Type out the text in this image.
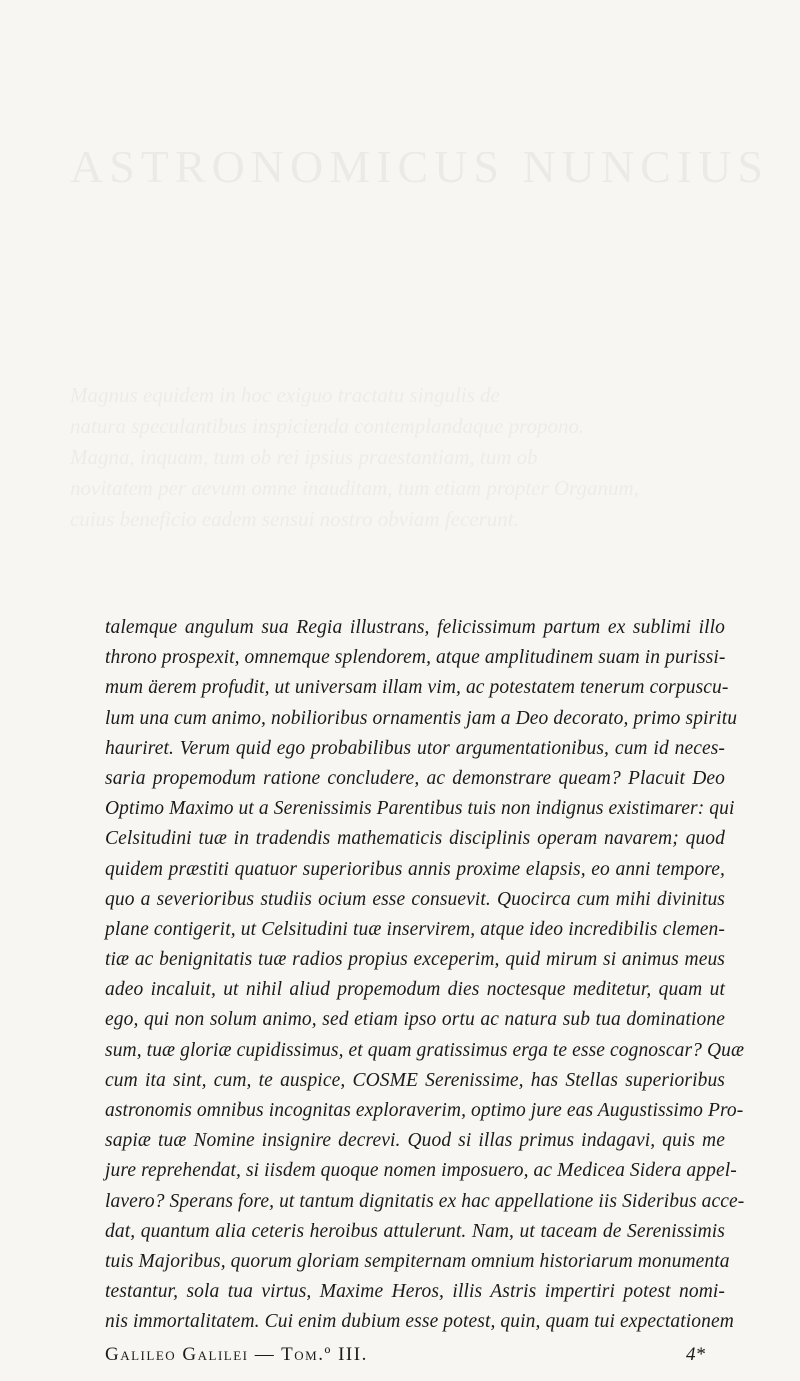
talemque angulum sua Regia illustrans, felicissimum partum ex sublimi illo
throno prospexit, omnemque splendorem, atque amplitudinem suam in purissi-
mum äerem profudit, ut universam illam vim, ac potestatem tenerum corpuscu-
lum una cum animo, nobilioribus ornamentis jam a Deo decorato, primo spiritu
hauriret. Verum quid ego probabilibus utor argumentationibus, cum id neces-
saria propemodum ratione concludere, ac demonstrare queam? Placuit Deo
Optimo Maximo ut a Serenissimis Parentibus tuis non indignus existimarer: qui
Celsitudini tuæ in tradendis mathematicis disciplinis operam navarem; quod
quidem præstiti quatuor superioribus annis proxime elapsis, eo anni tempore,
quo a severioribus studiis ocium esse consuevit. Quocirca cum mihi divinitus
plane contigerit, ut Celsitudini tuæ inservirem, atque ideo incredibilis clemen-
tiæ ac benignitatis tuæ radios propius exceperim, quid mirum si animus meus
adeo incaluit, ut nihil aliud propemodum dies noctesque meditetur, quam ut
ego, qui non solum animo, sed etiam ipso ortu ac natura sub tua dominatione
sum, tuæ gloriæ cupidissimus, et quam gratissimus erga te esse cognoscar? Quæ
cum ita sint, cum, te auspice, COSME Serenissime, has Stellas superioribus
astronomis omnibus incognitas exploraverim, optimo jure eas Augustissimo Pro-
sapiæ tuæ Nomine insignire decrevi. Quod si illas primus indagavi, quis me
jure reprehendat, si iisdem quoque nomen imposuero, ac Medicea Sidera appel-
lavero? Sperans fore, ut tantum dignitatis ex hac appellatione iis Sideribus acce-
dat, quantum alia ceteris heroibus attulerunt. Nam, ut taceam de Serenissimis
tuis Majoribus, quorum gloriam sempiternam omnium historiarum monumenta
testantur, sola tua virtus, Maxime Heros, illis Astris impertiri potest nomi-
nis immortalitatem. Cui enim dubium esse potest, quin, quam tui expectationem
Galileo Galilei — Tom.º III.	4*
